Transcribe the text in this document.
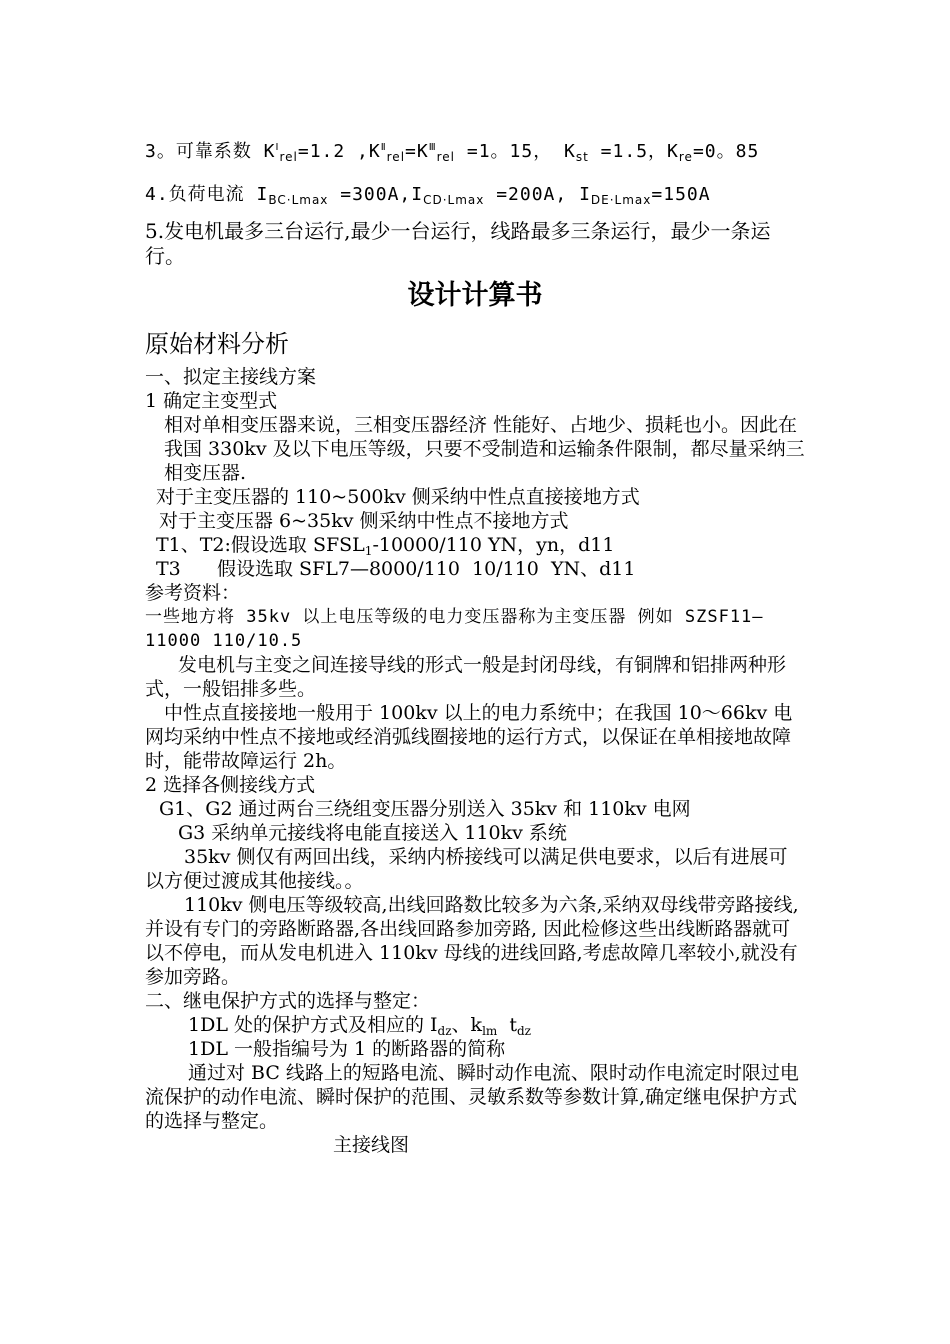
3。可靠系数 $K^Ⅰ_{rel}=1.2$ $,K^Ⅱ_{rel}=K^Ⅲ_{rel} =1$。15， $K_{st} =1.5$，$K_{re}=0$。85

4.负荷电流 $I_{BC\cdot Lmax} =300A,I_{CD\cdot Lmax} =200A$, $I_{DE\cdot Lmax}=150A$

5.发电机最多三台运行,最少一台运行，线路最多三条运行，最少一条运行。

设计计算书

原始材料分析

一、拟定主接线方案

1 确定主变型式

相对单相变压器来说，三相变压器经济 性能好、占地少、损耗也小。因此在我国 330kv 及以下电压等级，只要不受制造和运输条件限制，都尽量采纳三相变压器.

对于主变压器的 110~500kv 侧采纳中性点直接接地方式

对于主变压器 6~35kv 侧采纳中性点不接地方式

T1、T2:假设选取 $SFSL_1-10000/110$ YN，yn，d11

T3      假设选取 SFL7—8000/110  10/110  YN、d11

参考资料：

一些地方将 35kv 以上电压等级的电力变压器称为主变压器 例如 SZSF11—11000 110/10.5

发电机与主变之间连接导线的形式一般是封闭母线，有铜牌和铝排两种形式，一般铝排多些。

中性点直接接地一般用于 100kv 以上的电力系统中；在我国 10～66kv 电网均采纳中性点不接地或经消弧线圈接地的运行方式，以保证在单相接地故障时，能带故障运行 2h。

2 选择各侧接线方式

G1、G2 通过两台三绕组变压器分别送入 35kv 和 110kv 电网

G3 采纳单元接线将电能直接送入 110kv 系统

35kv 侧仅有两回出线，采纳内桥接线可以满足供电要求，以后有进展可以方便过渡成其他接线。。

110kv 侧电压等级较高,出线回路数比较多为六条,采纳双母线带旁路接线,并设有专门的旁路断路器,各出线回路参加旁路, 因此检修这些出线断路器就可以不停电，而从发电机进入 110kv 母线的进线回路,考虑故障几率较小,就没有参加旁路。

二、继电保护方式的选择与整定：

1DL 处的保护方式及相应的 $I_{dz}$、$k_{lm}$  $t_{dz}$

1DL 一般指编号为 1 的断路器的简称

通过对 BC 线路上的短路电流、瞬时动作电流、限时动作电流定时限过电流保护的动作电流、瞬时保护的范围、灵敏系数等参数计算,确定继电保护方式的选择与整定。

主接线图
